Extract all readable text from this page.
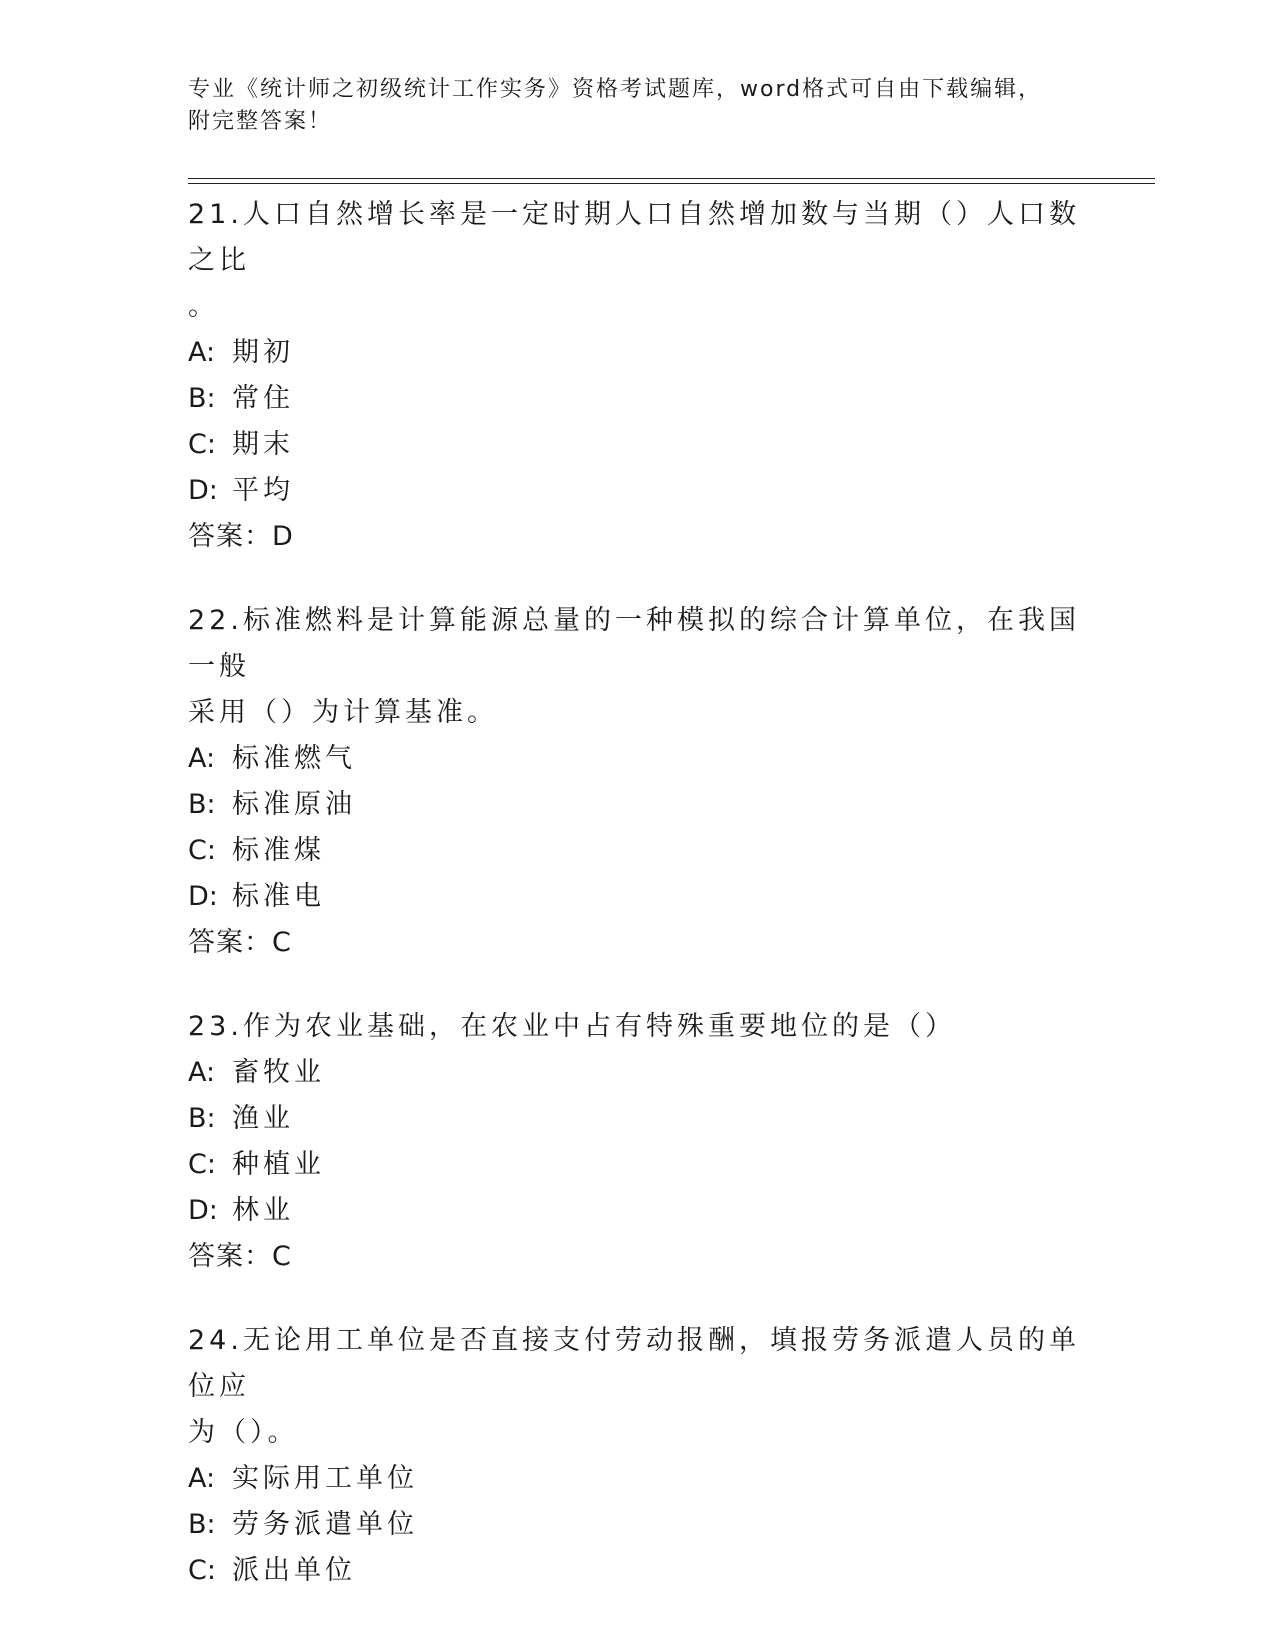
专业《统计师之初级统计工作实务》资格考试题库，word格式可自由下载编辑，
附完整答案！
21.人口自然增长率是一定时期人口自然增加数与当期（）人口数之比
。
A: 期初
B: 常住
C: 期末
D: 平均
答案：D
22.标准燃料是计算能源总量的一种模拟的综合计算单位，在我国一般
采用（）为计算基准。
A: 标准燃气
B: 标准原油
C: 标准煤
D: 标准电
答案：C
23.作为农业基础，在农业中占有特殊重要地位的是（）
A: 畜牧业
B: 渔业
C: 种植业
D: 林业
答案：C
24.无论用工单位是否直接支付劳动报酬，填报劳务派遣人员的单位应
为（）。
A: 实际用工单位
B: 劳务派遣单位
C: 派出单位
